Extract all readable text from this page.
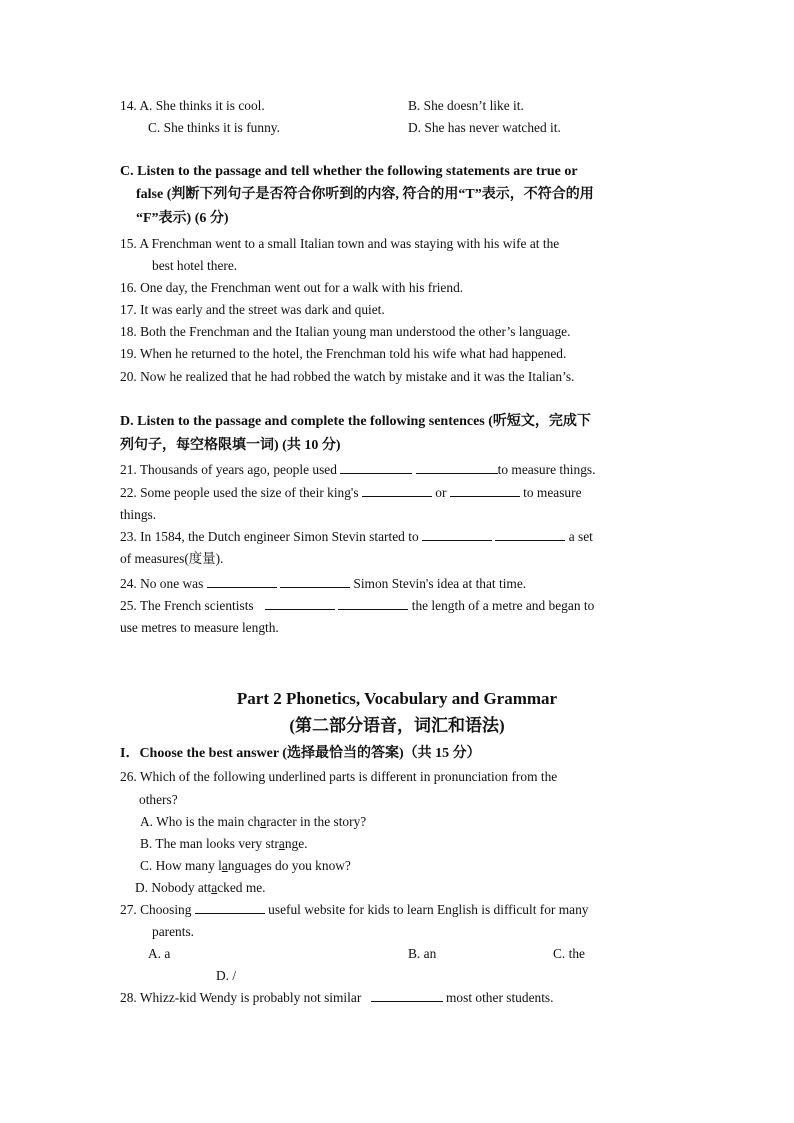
14. A. She thinks it is cool.	B. She doesn’t like it.
C. She thinks it is funny.	D. She has never watched it.
C. Listen to the passage and tell whether the following statements are true or
false (判断下列句子是否符合你听到的内容, 符合的用“T”表示，不符合的用
“F”表示) (6 分)
15. A Frenchman went to a small Italian town and was staying with his wife at the
best hotel there.
16. One day, the Frenchman went out for a walk with his friend.
17. It was early and the street was dark and quiet.
18. Both the Frenchman and the Italian young man understood the other’s language.
19. When he returned to the hotel, the Frenchman told his wife what had happened.
20. Now he realized that he had robbed the watch by mistake and it was the Italian’s.
D. Listen to the passage and complete the following sentences (听短文，完成下
列句子，每空格限填一词) (共 10 分)
21. Thousands of years ago, people used	to measure things.
22. Some people used the size of their king's	or	to measure
things.
23. In 1584, the Dutch engineer Simon Stevin started to	a set
of measures(度量).
24. No one was	Simon Stevin's idea at that time.
25. The French scientists	the length of a metre and began to
use metres to measure length.
Part 2 Phonetics, Vocabulary and Grammar
(第二部分语音，词汇和语法)
I．Choose the best answer (选择最恰当的答案)（共 15 分）
26. Which of the following underlined parts is different in pronunciation from the
others?
A. Who is the main character in the story?
B. The man looks very strange.
C. How many languages do you know?
D. Nobody attacked me.
27. Choosing	useful website for kids to learn English is difficult for many
parents.
A. a	B. an	C. the
D. /
28. Whizz-kid Wendy is probably not similar	most other students.
